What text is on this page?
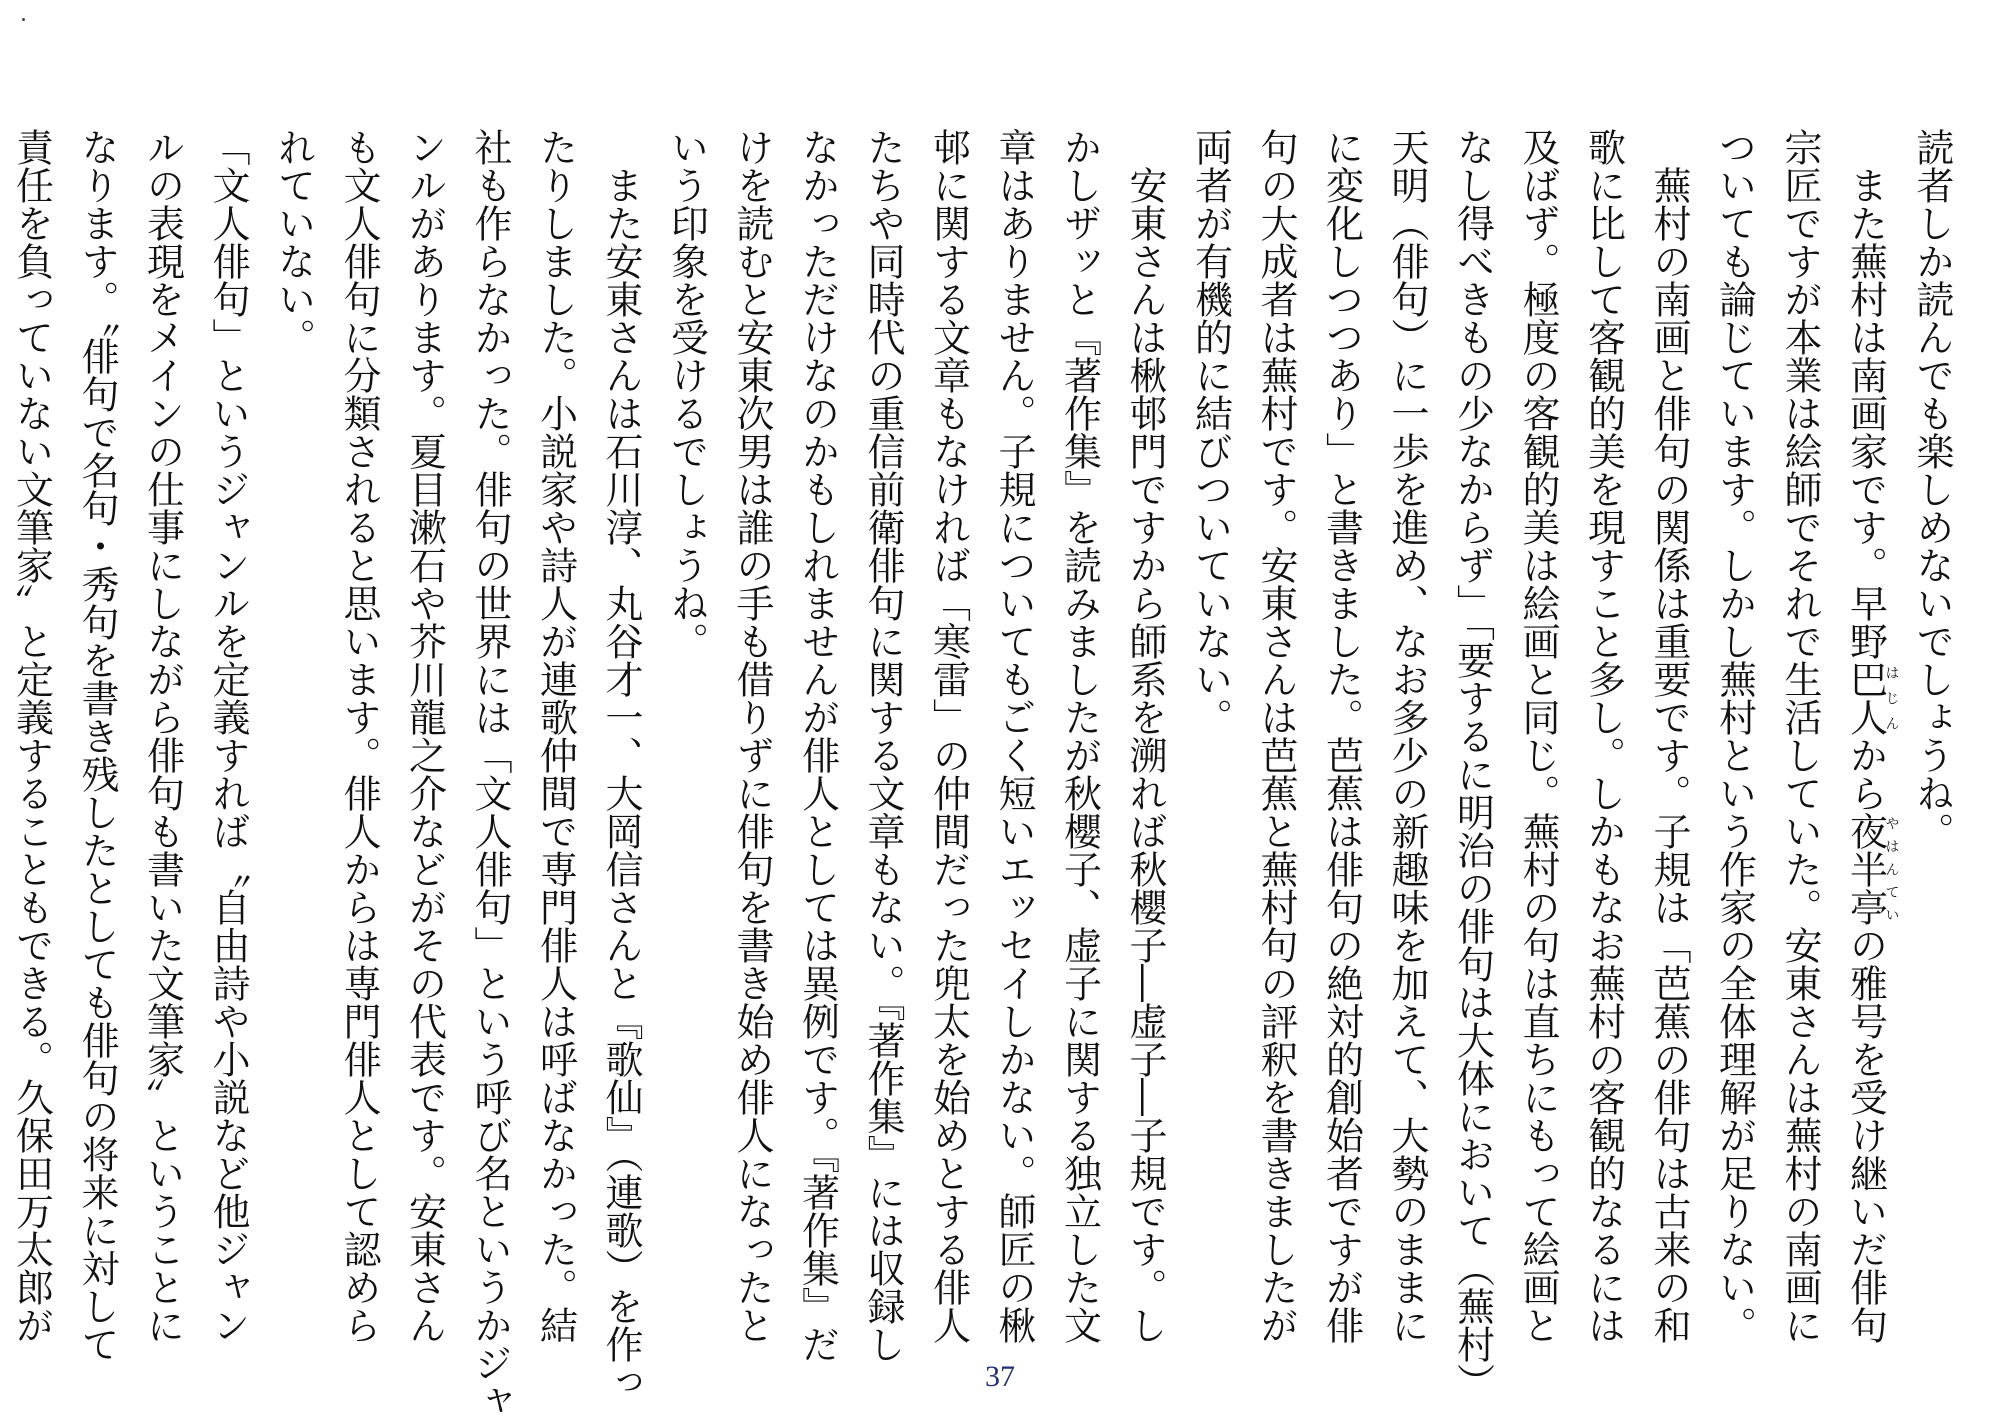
読者しか読んでも楽しめないでしょうね。

　また蕪村は南画家です。早野巴人はじんから夜半亭やはんていの雅号を受け継いだ俳句

宗匠ですが本業は絵師でそれで生活していた。安東さんは蕪村の南画に

ついても論じています。しかし蕪村という作家の全体理解が足りない。

　蕪村の南画と俳句の関係は重要です。子規は「芭蕉の俳句は古来の和

歌に比して客観的美を現すこと多し。しかもなお蕪村の客観的なるには

及ばず。極度の客観的美は絵画と同じ。蕪村の句は直ちにもって絵画と

なし得べきもの少なからず」「要するに明治の俳句は大体において（蕪村）

天明（俳句）に一歩を進め、なお多少の新趣味を加えて、大勢のままに

に変化しつつあり」と書きました。芭蕉は俳句の絶対的創始者ですが俳

句の大成者は蕪村です。安東さんは芭蕉と蕪村句の評釈を書きましたが

両者が有機的に結びついていない。

　安東さんは楸邨門ですから師系を溯れば秋櫻子―虚子―子規です。し

かしザッと『著作集』を読みましたが秋櫻子、虚子に関する独立した文

章はありません。子規についてもごく短いエッセイしかない。師匠の楸

邨に関する文章もなければ「寒雷」の仲間だった兜太を始めとする俳人

たちや同時代の重信前衛俳句に関する文章もない。『著作集』には収録し

なかっただけなのかもしれませんが俳人としては異例です。『著作集』だ

けを読むと安東次男は誰の手も借りずに俳句を書き始め俳人になったと

いう印象を受けるでしょうね。

　また安東さんは石川淳、丸谷才一、大岡信さんと『歌仙』（連歌）を作っ

たりしました。小説家や詩人が連歌仲間で専門俳人は呼ばなかった。結

社も作らなかった。俳句の世界には「文人俳句」という呼び名というかジャ

ンルがあります。夏目漱石や芥川龍之介などがその代表です。安東さん

も文人俳句に分類されると思います。俳人からは専門俳人として認めら

れていない。

「文人俳句」というジャンルを定義すれば〝自由詩や小説など他ジャン

ルの表現をメインの仕事にしながら俳句も書いた文筆家〟ということに

なります。〝俳句で名句・秀句を書き残したとしても俳句の将来に対して

責任を負っていない文筆家〟と定義することもできる。久保田万太郎が

37
